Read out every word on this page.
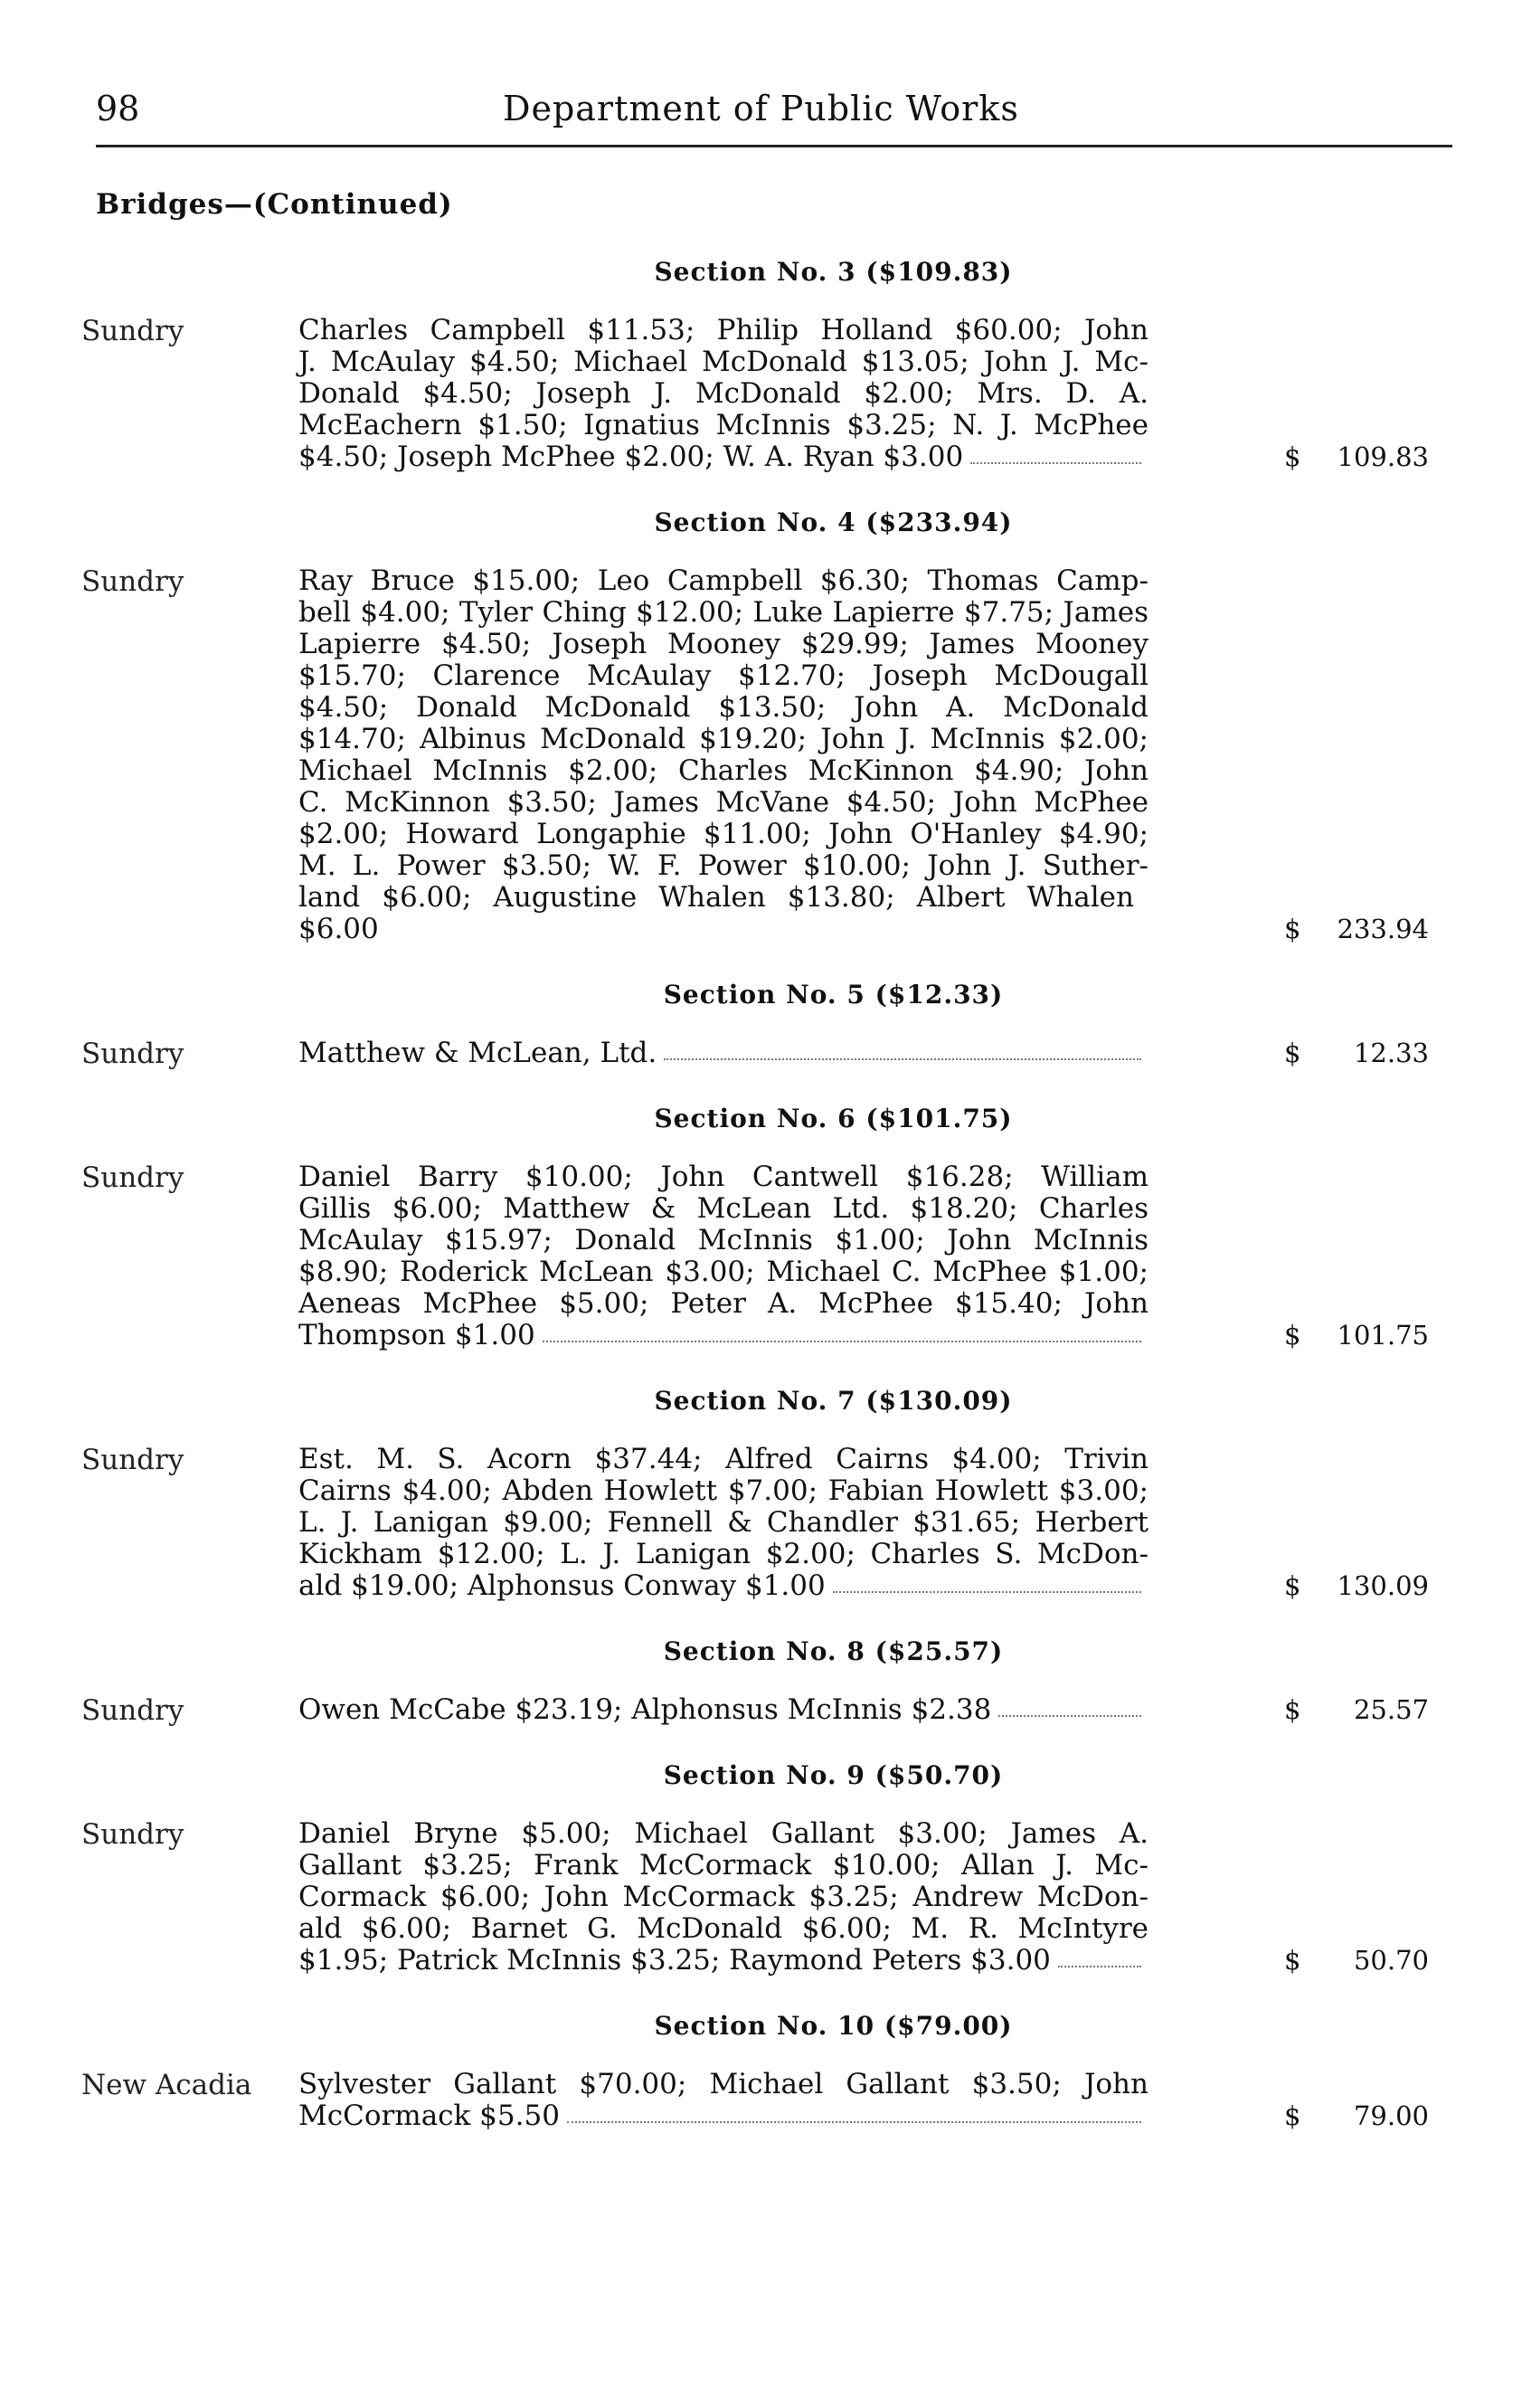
98	Department of Public Works
Bridges—(Continued)
Section No. 3 ($109.83)
Sundry	Charles Campbell $11.53; Philip Holland $60.00; John
J. McAulay $4.50; Michael McDonald $13.05; John J. Mc-
Donald $4.50; Joseph J. McDonald $2.00; Mrs. D. A.
McEachern $1.50; Ignatius McInnis $3.25; N. J. McPhee
$4.50; Joseph McPhee $2.00; W. A. Ryan $3.00	$ 109.83
Section No. 4 ($233.94)
Sundry	Ray Bruce $15.00; Leo Campbell $6.30; Thomas Camp-
bell $4.00; Tyler Ching $12.00; Luke Lapierre $7.75; James
Lapierre $4.50; Joseph Mooney $29.99; James Mooney
$15.70; Clarence McAulay $12.70; Joseph McDougall
$4.50; Donald McDonald $13.50; John A. McDonald
$14.70; Albinus McDonald $19.20; John J. McInnis $2.00;
Michael McInnis $2.00; Charles McKinnon $4.90; John
C. McKinnon $3.50; James McVane $4.50; John McPhee
$2.00; Howard Longaphie $11.00; John O'Hanley $4.90;
M. L. Power $3.50; W. F. Power $10.00; John J. Suther-
land $6.00; Augustine Whalen $13.80; Albert Whalen $6.00	$ 233.94
Section No. 5 ($12.33)
Sundry	Matthew & McLean, Ltd.	$ 12.33
Section No. 6 ($101.75)
Sundry	Daniel Barry $10.00; John Cantwell $16.28; William
Gillis $6.00; Matthew & McLean Ltd. $18.20; Charles
McAulay $15.97; Donald McInnis $1.00; John McInnis
$8.90; Roderick McLean $3.00; Michael C. McPhee $1.00;
Aeneas McPhee $5.00; Peter A. McPhee $15.40; John
Thompson $1.00	$ 101.75
Section No. 7 ($130.09)
Sundry	Est. M. S. Acorn $37.44; Alfred Cairns $4.00; Trivin
Cairns $4.00; Abden Howlett $7.00; Fabian Howlett $3.00;
L. J. Lanigan $9.00; Fennell & Chandler $31.65; Herbert
Kickham $12.00; L. J. Lanigan $2.00; Charles S. McDon-
ald $19.00; Alphonsus Conway $1.00	$ 130.09
Section No. 8 ($25.57)
Sundry	Owen McCabe $23.19; Alphonsus McInnis $2.38	$ 25.57
Section No. 9 ($50.70)
Sundry	Daniel Bryne $5.00; Michael Gallant $3.00; James A.
Gallant $3.25; Frank McCormack $10.00; Allan J. Mc-
Cormack $6.00; John McCormack $3.25; Andrew McDon-
ald $6.00; Barnet G. McDonald $6.00; M. R. McIntyre
$1.95; Patrick McInnis $3.25; Raymond Peters $3.00	$ 50.70
Section No. 10 ($79.00)
New Acadia Sylvester Gallant $70.00; Michael Gallant $3.50; John
McCormack $5.50	$ 79.00
